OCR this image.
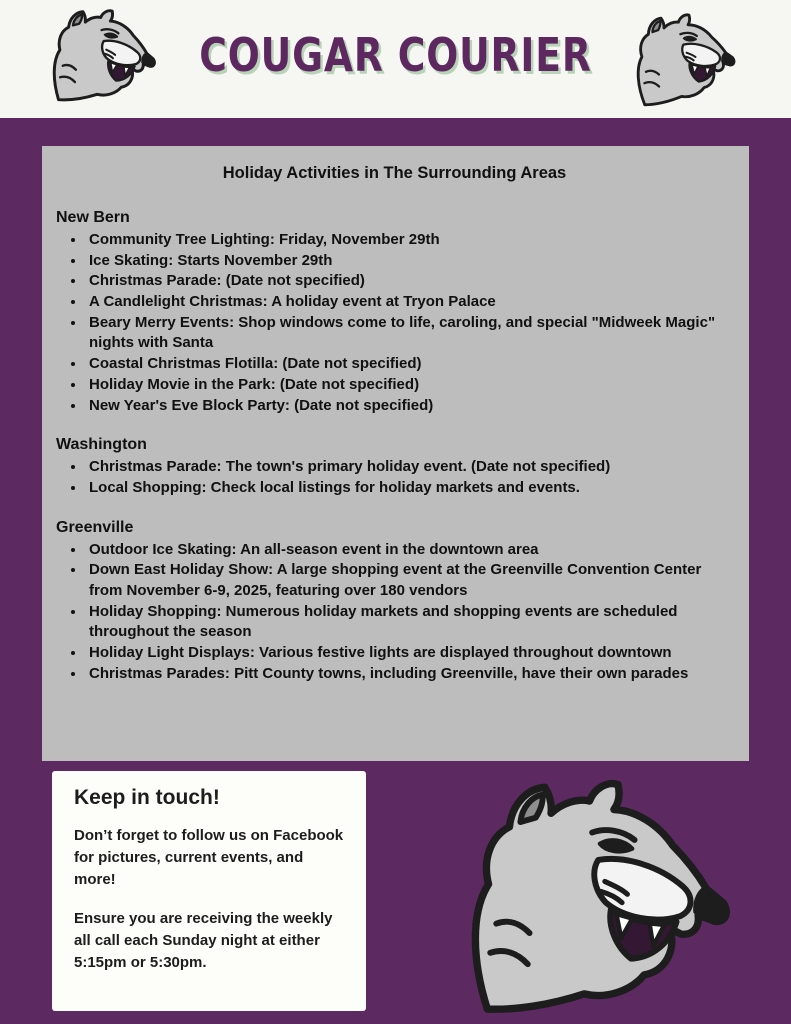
COUGAR COURIER
Holiday Activities in The Surrounding Areas
New Bern
• Community Tree Lighting: Friday, November 29th
• Ice Skating: Starts November 29th
• Christmas Parade: (Date not specified)
• A Candlelight Christmas: A holiday event at Tryon Palace
• Beary Merry Events: Shop windows come to life, caroling, and special "Midweek Magic" nights with Santa
• Coastal Christmas Flotilla: (Date not specified)
• Holiday Movie in the Park: (Date not specified)
• New Year's Eve Block Party: (Date not specified)
Washington
• Christmas Parade: The town's primary holiday event. (Date not specified)
• Local Shopping: Check local listings for holiday markets and events.
Greenville
• Outdoor Ice Skating: An all-season event in the downtown area
• Down East Holiday Show: A large shopping event at the Greenville Convention Center from November 6-9, 2025, featuring over 180 vendors
• Holiday Shopping: Numerous holiday markets and shopping events are scheduled throughout the season
• Holiday Light Displays: Various festive lights are displayed throughout downtown
• Christmas Parades: Pitt County towns, including Greenville, have their own parades
Keep in touch!

Don’t forget to follow us on Facebook for pictures, current events, and more!

Ensure you are receiving the weekly all call each Sunday night at either 5:15pm or 5:30pm.
